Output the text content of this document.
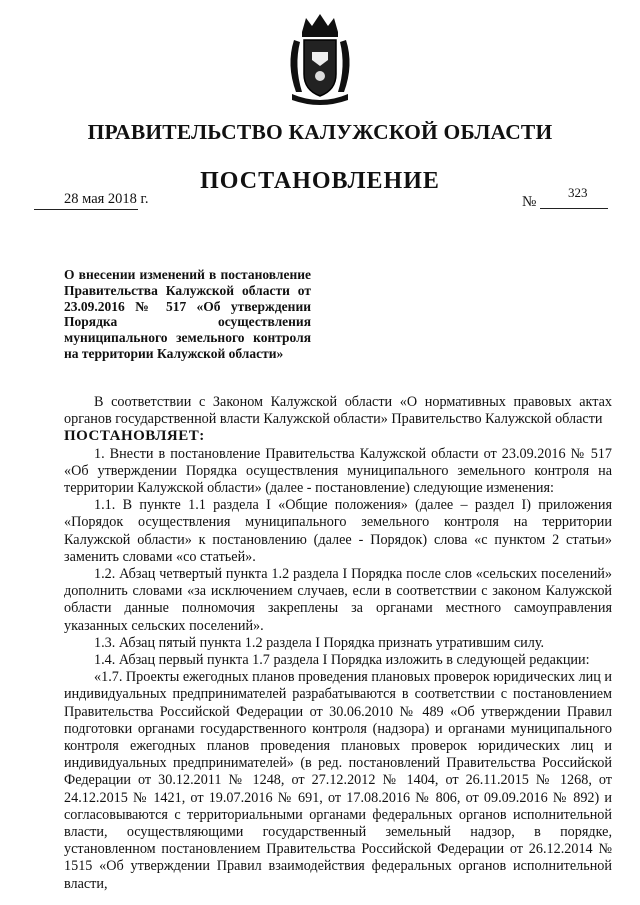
ПРАВИТЕЛЬСТВО КАЛУЖСКОЙ ОБЛАСТИ
ПОСТАНОВЛЕНИЕ
28 мая 2018 г.	№
323
О внесении изменений в постановление Правительства Калужской области от 23.09.2016 № 517 «Об утверждении Порядка осуществления муниципального земельного контроля на территории Калужской области»

В соответствии с Законом Калужской области «О нормативных правовых актах органов государственной власти Калужской области» Правительство Калужской области

ПОСТАНОВЛЯЕТ:

1. Внести в постановление Правительства Калужской области от 23.09.2016 № 517 «Об утверждении Порядка осуществления муниципального земельного контроля на территории Калужской области» (далее - постановление) следующие изменения:

1.1. В пункте 1.1 раздела I «Общие положения» (далее – раздел I) приложения «Порядок осуществления муниципального земельного контроля на территории Калужской области» к постановлению (далее - Порядок) слова «с пунктом 2 статьи» заменить словами «со статьей».

1.2. Абзац четвертый пункта 1.2 раздела I Порядка после слов «сельских поселений» дополнить словами «за исключением случаев, если в соответствии с законом Калужской области данные полномочия закреплены за органами местного самоуправления указанных сельских поселений».

1.3. Абзац пятый пункта 1.2 раздела I Порядка признать утратившим силу.

1.4. Абзац первый пункта 1.7 раздела I Порядка изложить в следующей редакции:

«1.7. Проекты ежегодных планов проведения плановых проверок юридических лиц и индивидуальных предпринимателей разрабатываются в соответствии с постановлением Правительства Российской Федерации от 30.06.2010 № 489 «Об утверждении Правил подготовки органами государственного контроля (надзора) и органами муниципального контроля ежегодных планов проведения плановых проверок юридических лиц и индивидуальных предпринимателей» (в ред. постановлений Правительства Российской Федерации от 30.12.2011 № 1248, от 27.12.2012 № 1404, от 26.11.2015 № 1268, от 24.12.2015 № 1421, от 19.07.2016 № 691, от 17.08.2016 № 806, от 09.09.2016 № 892) и согласовываются с территориальными органами федеральных органов исполнительной власти, осуществляющими государственный земельный надзор, в порядке, установленном постановлением Правительства Российской Федерации от 26.12.2014 № 1515 «Об утверждении Правил взаимодействия федеральных органов исполнительной власти,
